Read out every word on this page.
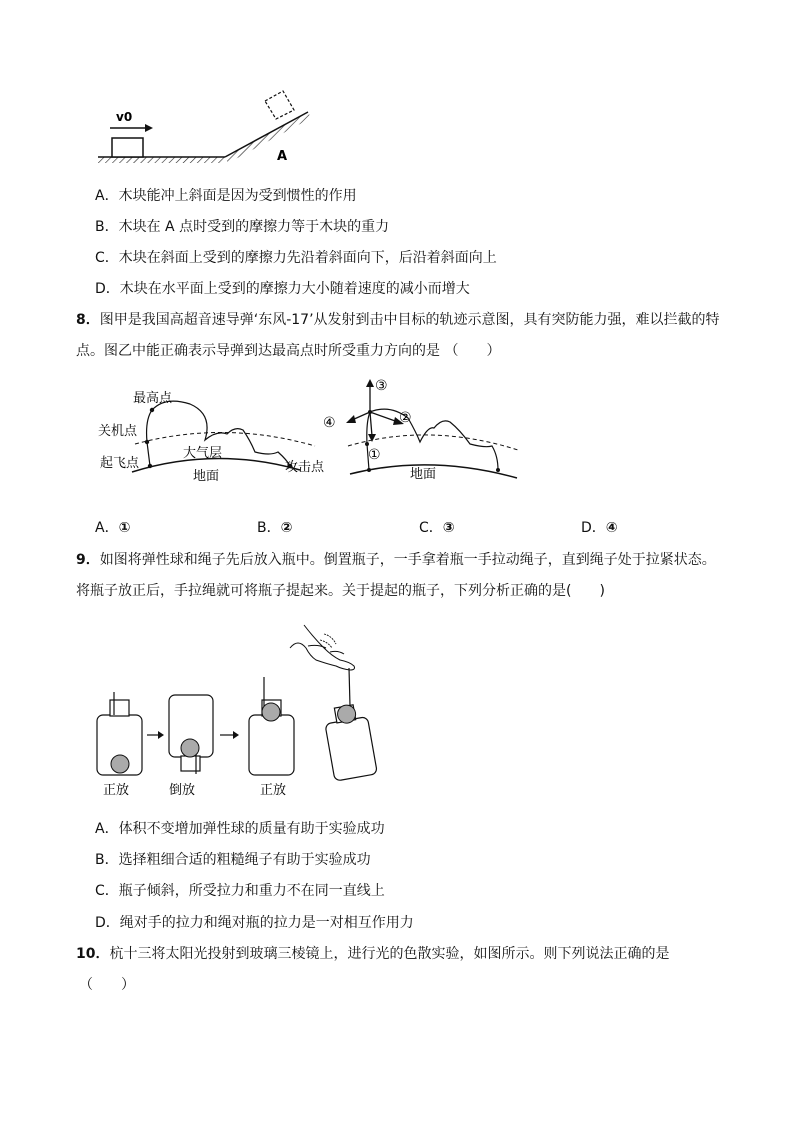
v0
A
A．木块能冲上斜面是因为受到惯性的作用
B．木块在 A 点时受到的摩擦力等于木块的重力
C．木块在斜面上受到的摩擦力先沿着斜面向下，后沿着斜面向上
D．木块在水平面上受到的摩擦力大小随着速度的减小而增大
8．图甲是我国高超音速导弹‘东风-17’从发射到击中目标的轨迹示意图，具有突防能力强，难以拦截的特
点。图乙中能正确表示导弹到达最高点时所受重力方向的是 （　　）
最高点
关机点
起飞点
大气层
地面
攻击点
③
②
④
①
地面
A．①	B．②	C．③	D．④
9．如图将弹性球和绳子先后放入瓶中。倒置瓶子，一手拿着瓶一手拉动绳子，直到绳子处于拉紧状态。
将瓶子放正后，手拉绳就可将瓶子提起来。关于提起的瓶子，下列分析正确的是(　　)
正放	倒放	正放
A．体积不变增加弹性球的质量有助于实验成功
B．选择粗细合适的粗糙绳子有助于实验成功
C．瓶子倾斜，所受拉力和重力不在同一直线上
D．绳对手的拉力和绳对瓶的拉力是一对相互作用力
10．杭十三将太阳光投射到玻璃三棱镜上，进行光的色散实验，如图所示。则下列说法正确的是
（　　）
